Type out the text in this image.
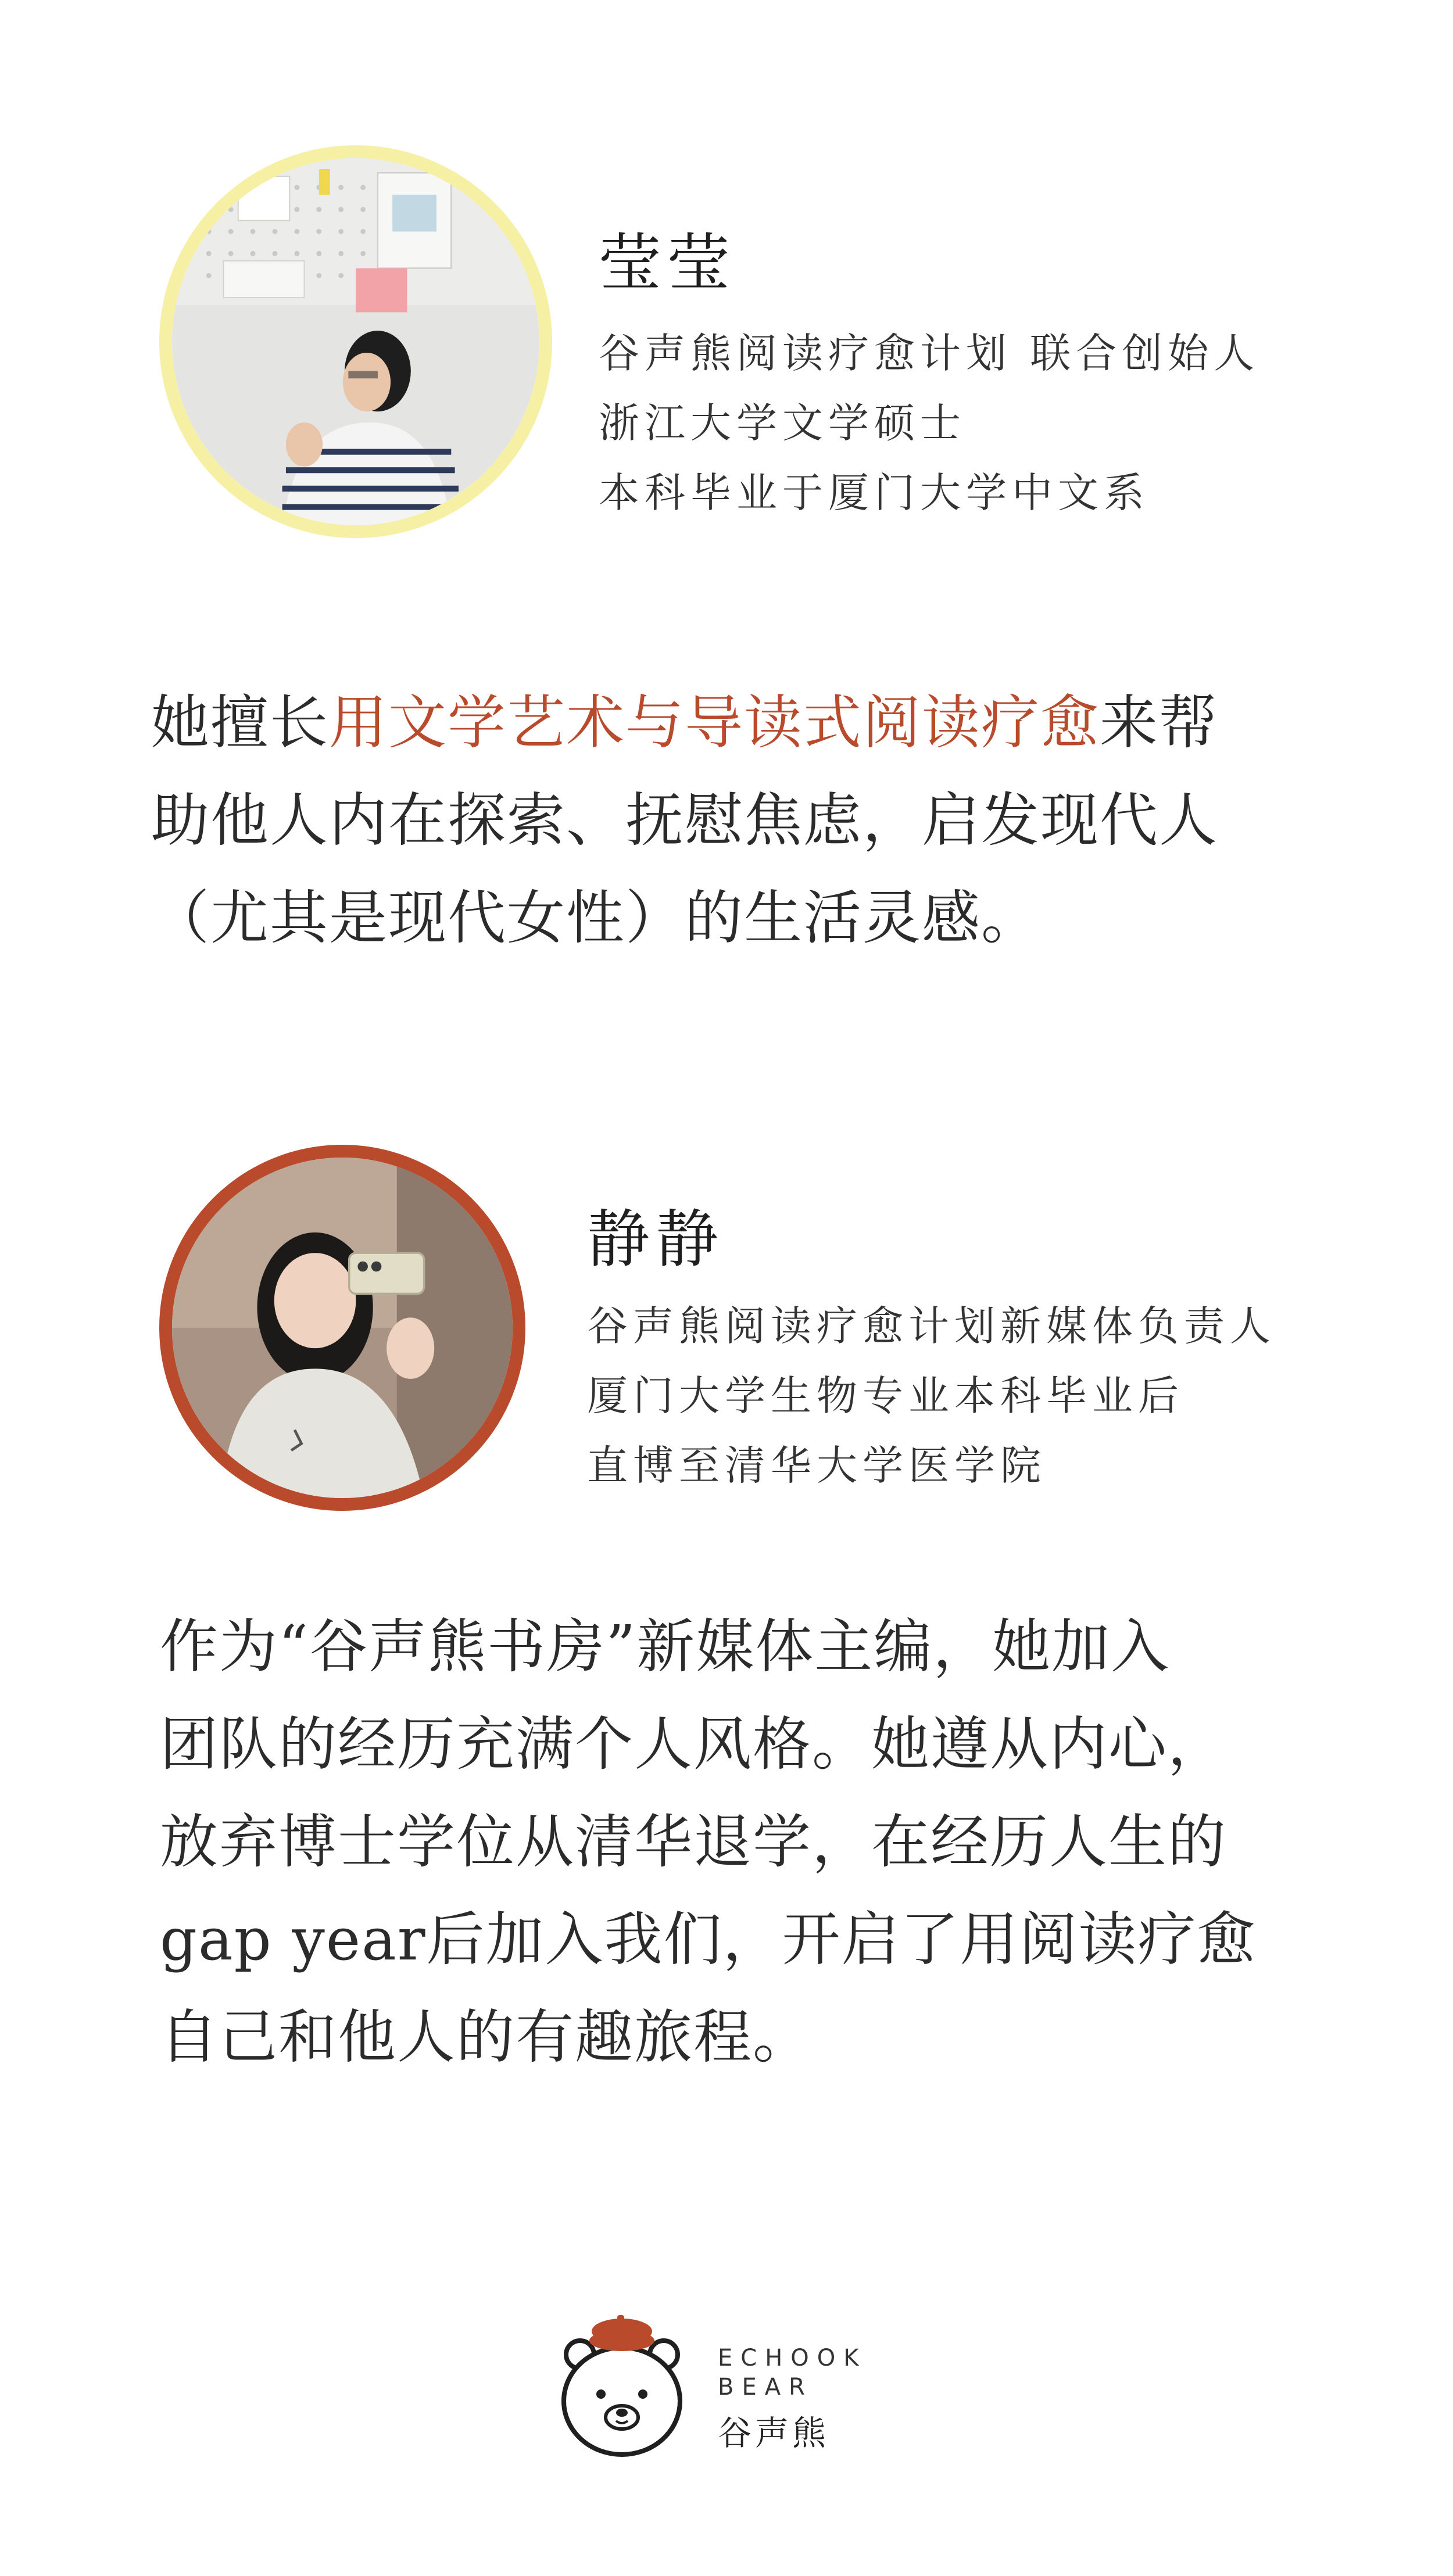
莹莹
谷声熊阅读疗愈计划 联合创始人
浙江大学文学硕士
本科毕业于厦门大学中文系
她擅长用文学艺术与导读式阅读疗愈来帮
助他人内在探索、抚慰焦虑，启发现代人
（尤其是现代女性）的生活灵感。
静静
谷声熊阅读疗愈计划新媒体负责人
厦门大学生物专业本科毕业后
直博至清华大学医学院
作为“谷声熊书房”新媒体主编，她加入
团队的经历充满个人风格。她遵从内心，
放弃博士学位从清华退学，在经历人生的
gap year后加入我们，开启了用阅读疗愈
自己和他人的有趣旅程。
ECHOOK
BEAR
谷声熊
